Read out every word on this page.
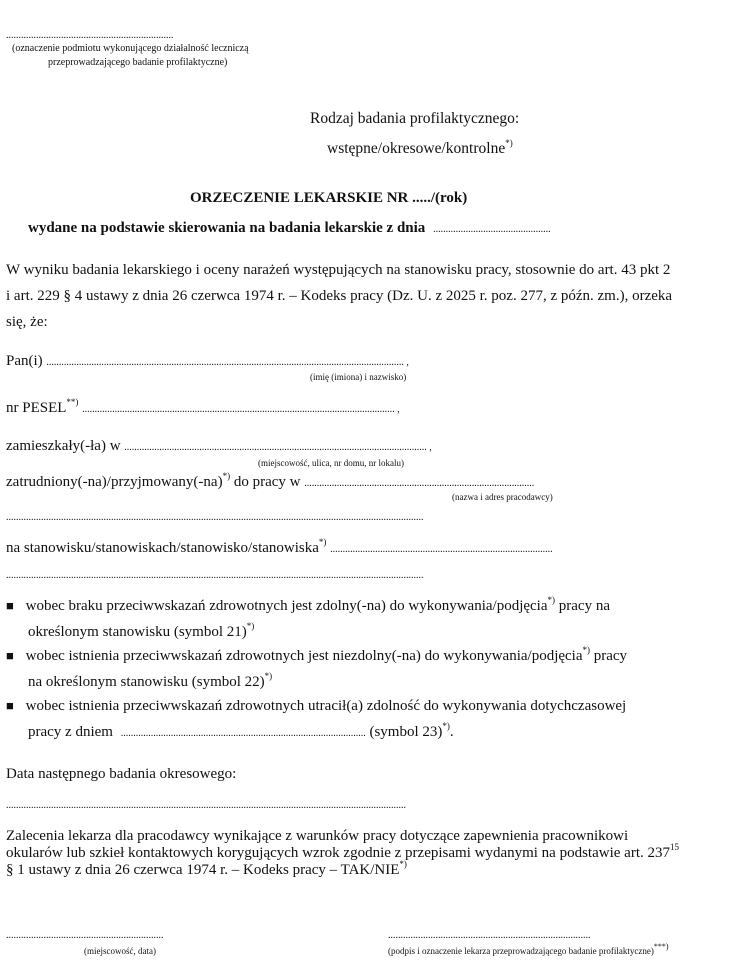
...................................................................
(oznaczenie podmiotu wykonującego działalność leczniczą
przeprowadzającego badanie profilaktyczne)
Rodzaj badania profilaktycznego:
wstępne/okresowe/kontrolne*)
ORZECZENIE LEKARSKIE NR ...../(rok)
wydane na podstawie skierowania na badania lekarskie z dnia ...............................................
W wyniku badania lekarskiego i oceny narażeń występujących na stanowisku pracy, stosownie do art. 43 pkt 2
i art. 229 § 4 ustawy z dnia 26 czerwca 1974 r. – Kodeks pracy (Dz. U. z 2025 r. poz. 277, z późn. zm.), orzeka
się, że:
Pan(i) ............................................................................................................................................... ,
(imię (imiona) i nazwisko)
nr PESEL**) ............................................................................................................................. ,
zamieszkały(-ła) w ......................................................................................................................... ,
(miejscowość, ulica, nr domu, nr lokalu)
zatrudniony(-na)/przyjmowany(-na)*) do pracy w ............................................................................................
(nazwa i adres pracodawcy)
.......................................................................................................................................................................
na stanowisku/stanowiskach/stanowisko/stanowiska*) .........................................................................................
.......................................................................................................................................................................
■ wobec braku przeciwwskazań zdrowotnych jest zdolny(-na) do wykonywania/podjęcia*) pracy na
określonym stanowisku (symbol 21)*)
■ wobec istnienia przeciwwskazań zdrowotnych jest niezdolny(-na) do wykonywania/podjęcia*) pracy
na określonym stanowisku (symbol 22)*)
■ wobec istnienia przeciwwskazań zdrowotnych utracił(a) zdolność do wykonywania dotychczasowej
pracy z dniem .................................................................................................. (symbol 23)*).
Data następnego badania okresowego:
................................................................................................................................................................
Zalecenia lekarza dla pracodawcy wynikające z warunków pracy dotyczące zapewnienia pracownikowi
okularów lub szkieł kontaktowych korygujących wzrok zgodnie z przepisami wydanymi na podstawie art. $237^{15}$
§ 1 ustawy z dnia 26 czerwca 1974 r. – Kodeks pracy – TAK/NIE*)
...............................................................
(miejscowość, data)
.................................................................................
(podpis i oznaczenie lekarza przeprowadzającego badanie profilaktyczne)***)
